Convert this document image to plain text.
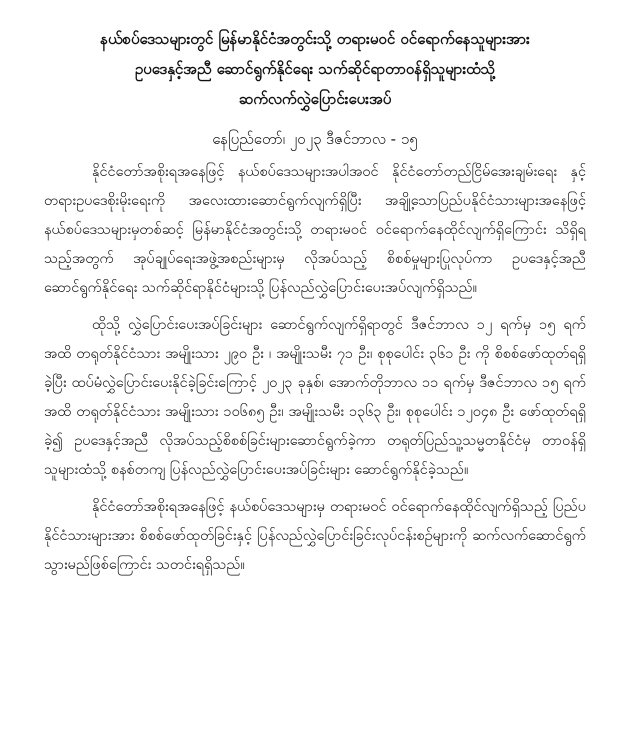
နယ်စပ်ဒေသများတွင် မြန်မာနိုင်ငံအတွင်းသို့ တရားမဝင် ဝင်ရောက်နေသူများအား
ဥပဒေနှင့်အညီ ဆောင်ရွက်နိုင်ရေး သက်ဆိုင်ရာတာဝန်ရှိသူများထံသို့
ဆက်လက်လွှဲပြောင်းပေးအပ်
နေပြည်တော်၊ ၂၀၂၃ ဒီဇင်ဘာလ - ၁၅

နိုင်ငံတော်အစိုးရအနေဖြင့် နယ်စပ်ဒေသများအပါအဝင် နိုင်ငံတော်တည်ငြိမ်အေးချမ်းရေး နှင့် တရားဥပဒေစိုးမိုးရေးကို အလေးထားဆောင်ရွက်လျက်ရှိပြီး အချို့သောပြည်ပနိုင်ငံသားများအနေဖြင့် နယ်စပ်ဒေသများမှတစ်ဆင့် မြန်မာနိုင်ငံအတွင်းသို့ တရားမဝင် ဝင်ရောက်နေထိုင်လျက်ရှိကြောင်း သိရှိရသည့်အတွက် အုပ်ချုပ်ရေးအဖွဲ့အစည်းများမှ လိုအပ်သည့် စိစစ်မှုများပြုလုပ်ကာ ဥပဒေနှင့်အညီ ဆောင်ရွက်နိုင်ရေး သက်ဆိုင်ရာနိုင်ငံများသို့ ပြန်လည်လွှဲပြောင်းပေးအပ်လျက်ရှိသည်။

ထိုသို့ လွှဲပြောင်းပေးအပ်ခြင်းများ ဆောင်ရွက်လျက်ရှိရာတွင် ဒီဇင်ဘာလ ၁၂ ရက်မှ ၁၅ ရက်အထိ တရုတ်နိုင်ငံသား အမျိုးသား ၂၉၀ ဦး ၊ အမျိုးသမီး ၇၁ ဦး၊ စုစုပေါင်း ၃၆၁ ဦး ကို စိစစ်ဖော်ထုတ်ရရှိခဲ့ပြီး ထပ်မံလွှဲပြောင်းပေးနိုင်ခဲ့ခြင်းကြောင့် ၂၀၂၃ ခုနှစ်၊ အောက်တိုဘာလ ၁၁ ရက်မှ ဒီဇင်ဘာလ ၁၅ ရက်အထိ တရုတ်နိုင်ငံသား အမျိုးသား ၁၀၆၈၅ ဦး၊ အမျိုးသမီး ၁၃၆၃ ဦး၊ စုစုပေါင်း ၁၂၀၄၈ ဦး ဖော်ထုတ်ရရှိခဲ့၍ ဥပဒေနှင့်အညီ လိုအပ်သည့်စိစစ်ခြင်းများဆောင်ရွက်ခဲ့ကာ တရုတ်ပြည်သူ့သမ္မတနိုင်ငံမှ တာဝန်ရှိသူများထံသို့ စနစ်တကျ ပြန်လည်လွှဲပြောင်းပေးအပ်ခြင်းများ ဆောင်ရွက်နိုင်ခဲ့သည်။

နိုင်ငံတော်အစိုးရအနေဖြင့် နယ်စပ်ဒေသများမှ တရားမဝင် ဝင်ရောက်နေထိုင်လျက်ရှိသည့် ပြည်ပနိုင်ငံသားများအား စိစစ်ဖော်ထုတ်ခြင်းနှင့် ပြန်လည်လွှဲပြောင်းခြင်းလုပ်ငန်းစဉ်များကို ဆက်လက်ဆောင်ရွက်သွားမည်ဖြစ်ကြောင်း သတင်းရရှိသည်။
